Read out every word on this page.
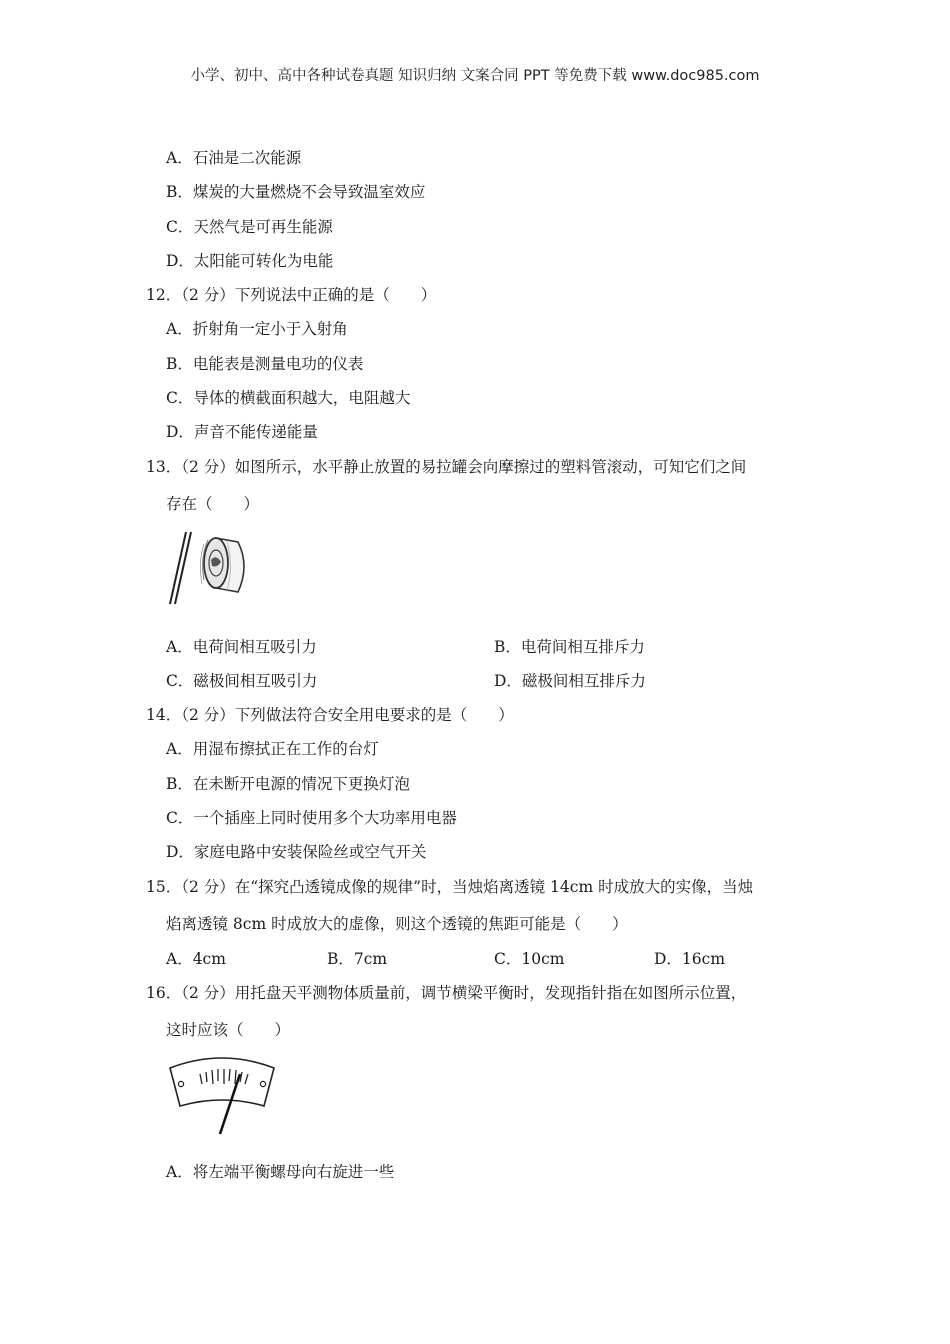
小学、初中、高中各种试卷真题 知识归纳 文案合同 PPT 等免费下载 www.doc985.com
A．石油是二次能源
B．煤炭的大量燃烧不会导致温室效应
C．天然气是可再生能源
D．太阳能可转化为电能
12．（2 分）下列说法中正确的是（　　）
A．折射角一定小于入射角
B．电能表是测量电功的仪表
C．导体的横截面积越大，电阻越大
D．声音不能传递能量
13．（2 分）如图所示，水平静止放置的易拉罐会向摩擦过的塑料管滚动，可知它们之间
存在（　　）
A．电荷间相互吸引力	B．电荷间相互排斥力
C．磁极间相互吸引力	D．磁极间相互排斥力
14．（2 分）下列做法符合安全用电要求的是（　　）
A．用湿布擦拭正在工作的台灯
B．在未断开电源的情况下更换灯泡
C．一个插座上同时使用多个大功率用电器
D．家庭电路中安装保险丝或空气开关
15．（2 分）在“探究凸透镜成像的规律”时，当烛焰离透镜 14cm 时成放大的实像，当烛
焰离透镜 8cm 时成放大的虚像，则这个透镜的焦距可能是（　　）
A．4cm	B．7cm	C．10cm	D．16cm
16．（2 分）用托盘天平测物体质量前，调节横梁平衡时，发现指针指在如图所示位置，
这时应该（　　）
A．将左端平衡螺母向右旋进一些
